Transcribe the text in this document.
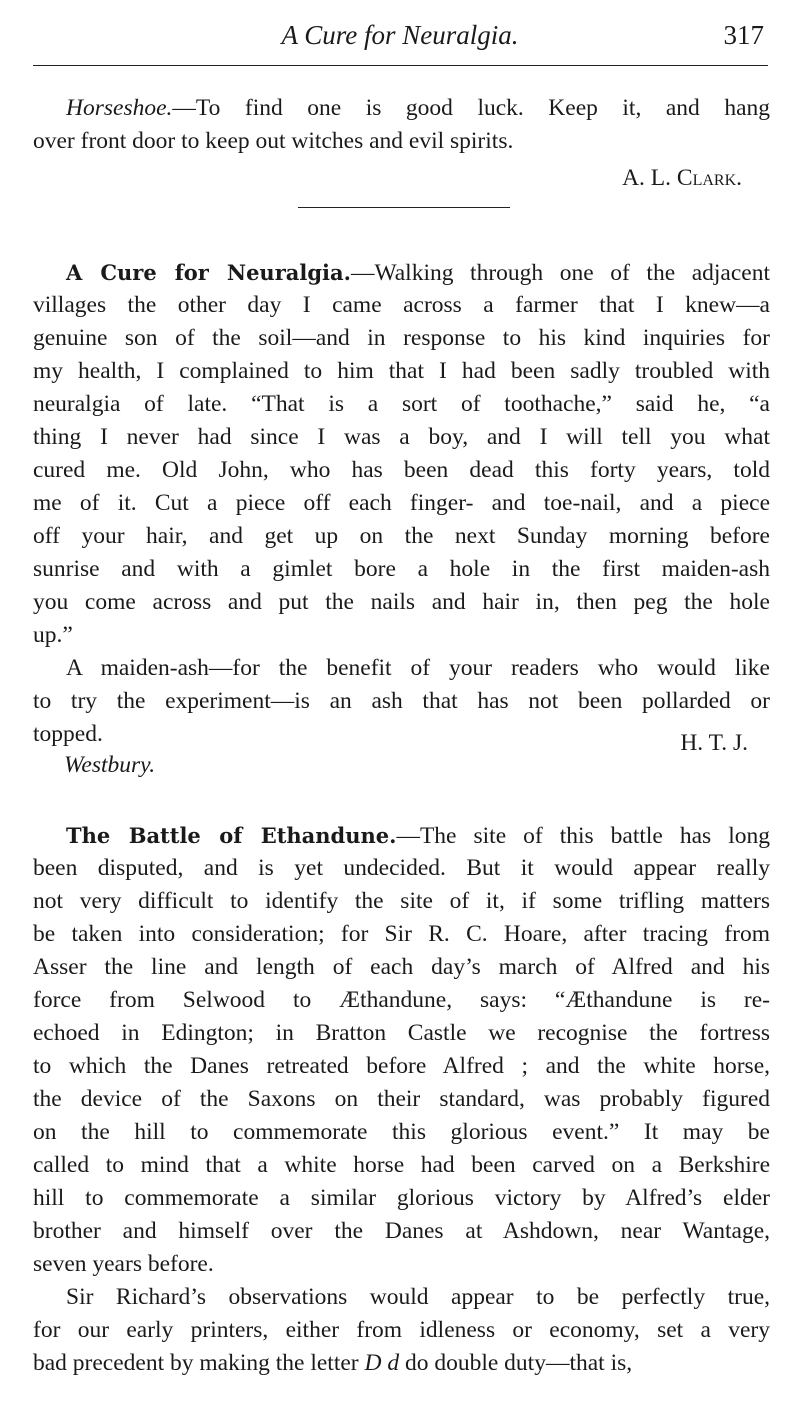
A Cure for Neuralgia.	317
Horseshoe.—To find one is good luck. Keep it, and hang
over front door to keep out witches and evil spirits.
A. L. Clark.
A Cure for Neuralgia.—Walking through one of the adjacent
villages the other day I came across a farmer that I knew—a
genuine son of the soil—and in response to his kind inquiries for
my health, I complained to him that I had been sadly troubled with
neuralgia of late. “That is a sort of toothache,” said he, “a
thing I never had since I was a boy, and I will tell you what
cured me. Old John, who has been dead this forty years, told
me of it. Cut a piece off each finger- and toe-nail, and a piece
off your hair, and get up on the next Sunday morning before
sunrise and with a gimlet bore a hole in the first maiden-ash
you come across and put the nails and hair in, then peg the hole
up.”
A maiden-ash—for the benefit of your readers who would like
to try the experiment—is an ash that has not been pollarded or
topped.	H. T. J.
Westbury.
The Battle of Ethandune.—The site of this battle has long
been disputed, and is yet undecided. But it would appear really
not very difficult to identify the site of it, if some trifling matters
be taken into consideration; for Sir R. C. Hoare, after tracing from
Asser the line and length of each day’s march of Alfred and his
force from Selwood to Æthandune, says: “Æthandune is re-
echoed in Edington; in Bratton Castle we recognise the fortress
to which the Danes retreated before Alfred ; and the white horse,
the device of the Saxons on their standard, was probably figured
on the hill to commemorate this glorious event.” It may be
called to mind that a white horse had been carved on a Berkshire
hill to commemorate a similar glorious victory by Alfred’s elder
brother and himself over the Danes at Ashdown, near Wantage,
seven years before.
Sir Richard’s observations would appear to be perfectly true,
for our early printers, either from idleness or economy, set a very
bad precedent by making the letter D d do double duty—that is,
